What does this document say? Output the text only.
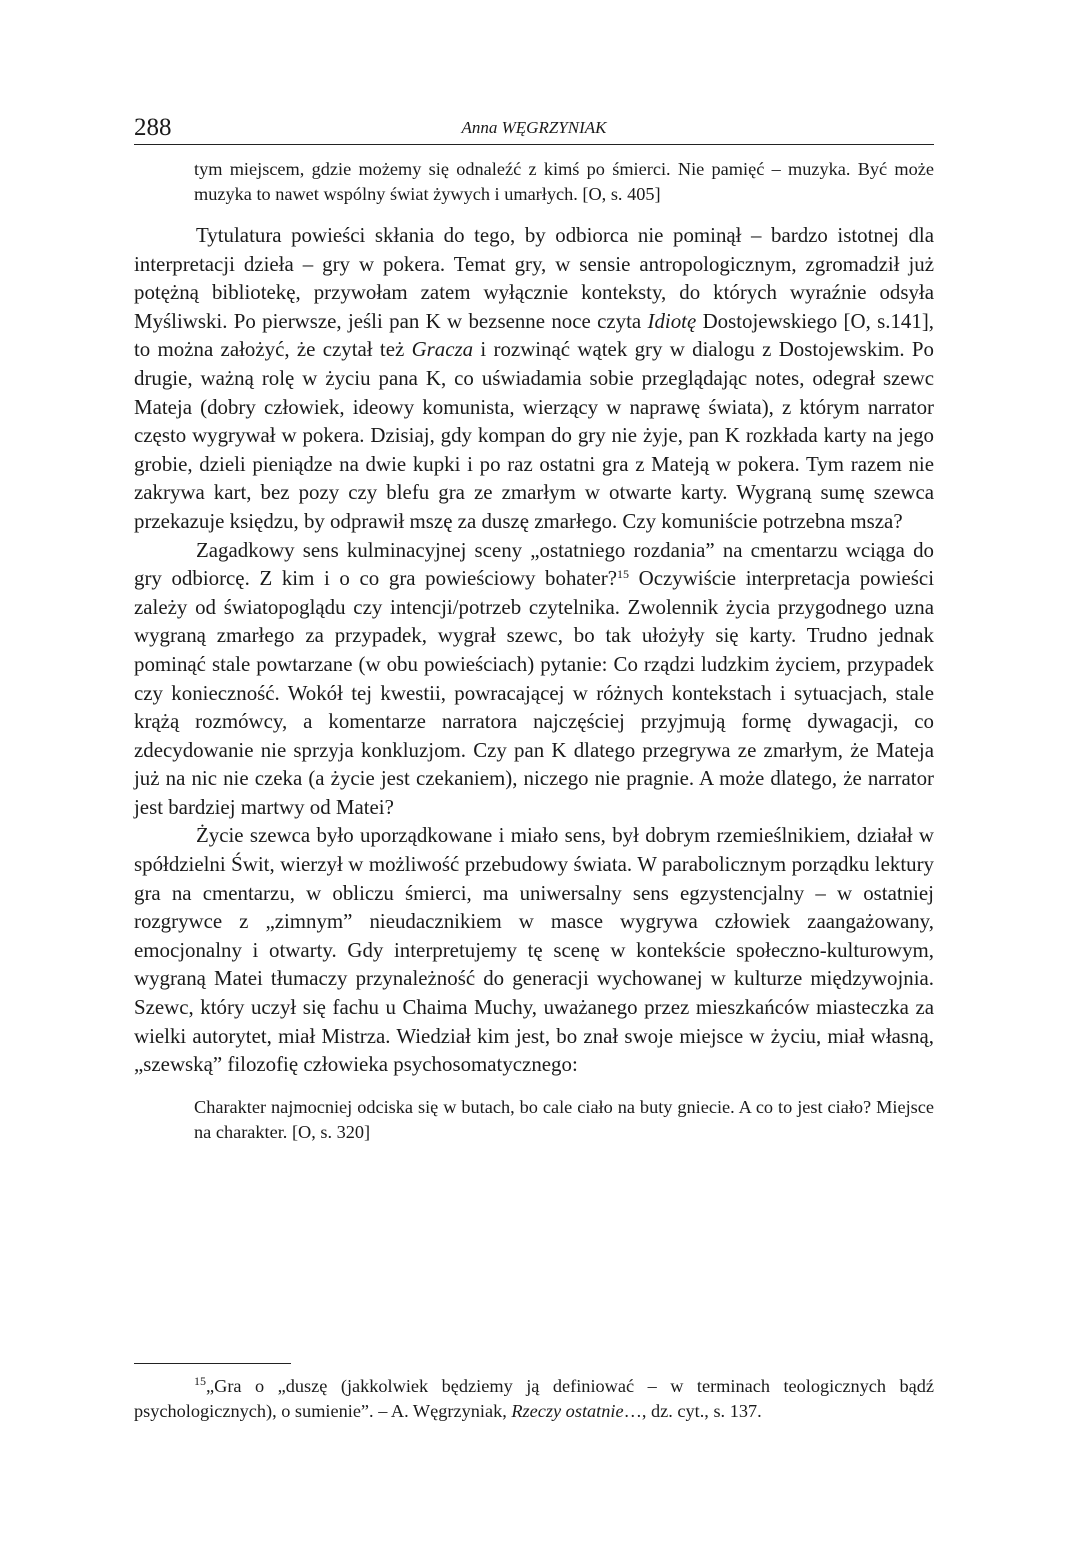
288	Anna WĘGRZYNIAK
tym miejscem, gdzie możemy się odnaleźć z kimś po śmierci. Nie pamięć – muzyka. Być może muzyka to nawet wspólny świat żywych i umarłych. [O, s. 405]

Tytulatura powieści skłania do tego, by odbiorca nie pominął – bardzo istotnej dla interpretacji dzieła – gry w pokera. Temat gry, w sensie antropologicznym, zgromadził już potężną bibliotekę, przywołam zatem wyłącznie konteksty, do których wyraźnie odsyła Myśliwski. Po pierwsze, jeśli pan K w bezsenne noce czyta Idiotę Dostojewskiego [O, s.141], to można założyć, że czytał też Gracza i rozwinąć wątek gry w dialogu z Dostojewskim. Po drugie, ważną rolę w życiu pana K, co uświadamia sobie przeglądając notes, odegrał szewc Mateja (dobry człowiek, ideowy komunista, wierzący w naprawę świata), z którym narrator często wygrywał w pokera. Dzisiaj, gdy kompan do gry nie żyje, pan K rozkłada karty na jego grobie, dzieli pieniądze na dwie kupki i po raz ostatni gra z Mateją w pokera. Tym razem nie zakrywa kart, bez pozy czy blefu gra ze zmarłym w otwarte karty. Wygraną sumę szewca przekazuje księdzu, by odprawił mszę za duszę zmarłego. Czy komuniście potrzebna msza?

Zagadkowy sens kulminacyjnej sceny „ostatniego rozdania” na cmentarzu wciąga do gry odbiorcę. Z kim i o co gra powieściowy bohater?$^{15}$ Oczywiście interpretacja powieści zależy od światopoglądu czy intencji/potrzeb czytelnika. Zwolennik życia przygodnego uzna wygraną zmarłego za przypadek, wygrał szewc, bo tak ułożyły się karty. Trudno jednak pominąć stale powtarzane (w obu powieściach) pytanie: Co rządzi ludzkim życiem, przypadek czy konieczność. Wokół tej kwestii, powracającej w różnych kontekstach i sytuacjach, stale krążą rozmówcy, a komentarze narratora najczęściej przyjmują formę dywagacji, co zdecydowanie nie sprzyja konkluzjom. Czy pan K dlatego przegrywa ze zmarłym, że Mateja już na nic nie czeka (a życie jest czekaniem), niczego nie pragnie. A może dlatego, że narrator jest bardziej martwy od Matei?

Życie szewca było uporządkowane i miało sens, był dobrym rzemieślnikiem, działał w spółdzielni Świt, wierzył w możliwość przebudowy świata. W parabolicznym porządku lektury gra na cmentarzu, w obliczu śmierci, ma uniwersalny sens egzystencjalny – w ostatniej rozgrywce z „zimnym” nieudacznikiem w masce wygrywa człowiek zaangażowany, emocjonalny i otwarty. Gdy interpretujemy tę scenę w kontekście społeczno-kulturowym, wygraną Matei tłumaczy przynależność do generacji wychowanej w kulturze międzywojnia. Szewc, który uczył się fachu u Chaima Muchy, uważanego przez mieszkańców miasteczka za wielki autorytet, miał Mistrza. Wiedział kim jest, bo znał swoje miejsce w życiu, miał własną, „szewską” filozofię człowieka psychosomatycznego:

Charakter najmocniej odciska się w butach, bo cale ciało na buty gniecie. A co to jest ciało? Miejsce na charakter. [O, s. 320]
$^{15}$„Gra o „duszę (jakkolwiek będziemy ją definiować – w terminach teologicznych bądź psychologicznych), o sumienie”. – A. Węgrzyniak, Rzeczy ostatnie…, dz. cyt., s. 137.
